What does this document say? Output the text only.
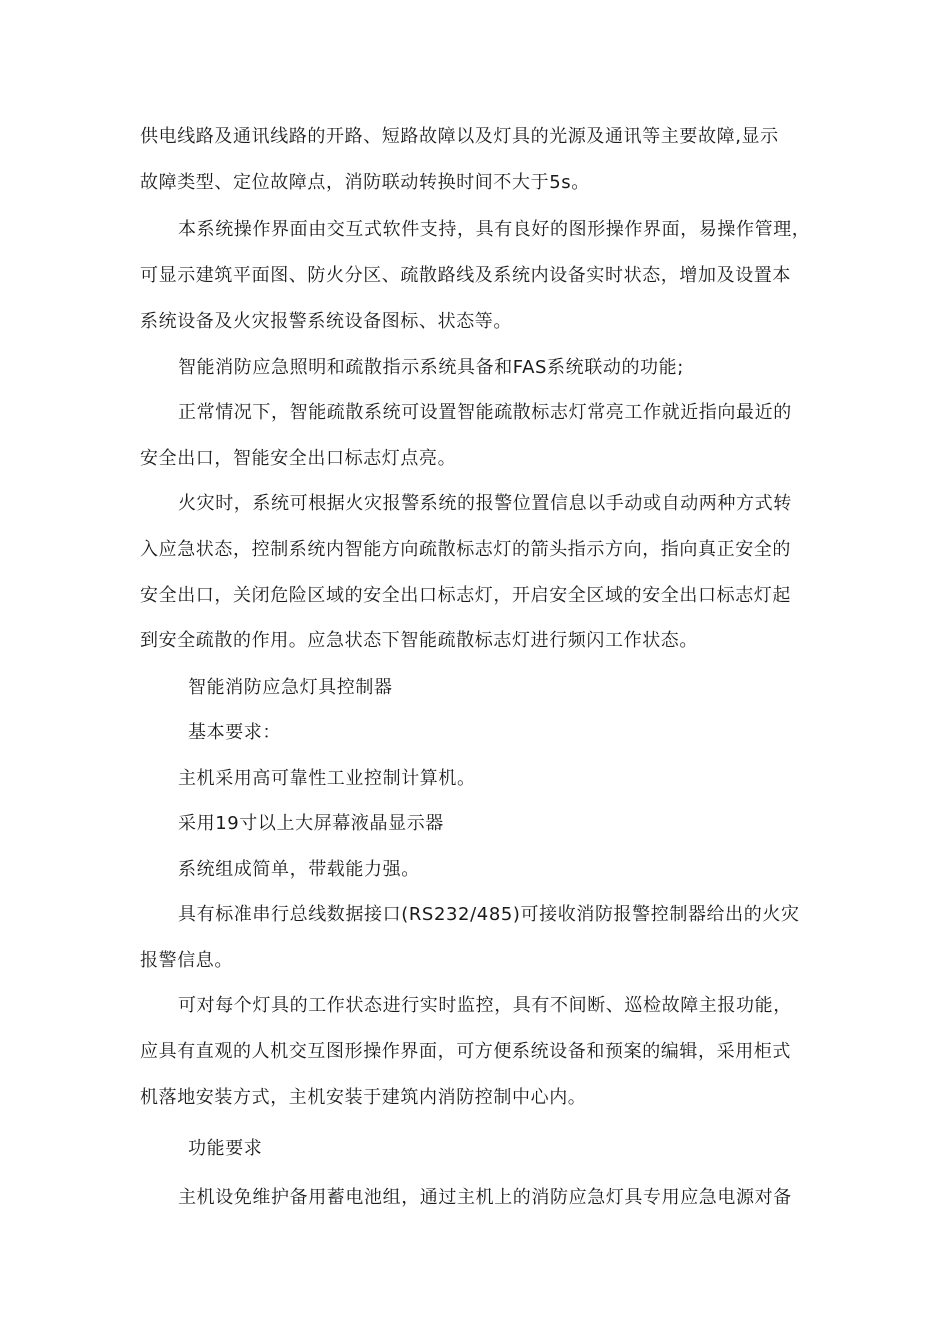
供电线路及通讯线路的开路、短路故障以及灯具的光源及通讯等主要故障,显示
故障类型、定位故障点，消防联动转换时间不大于5s。
本系统操作界面由交互式软件支持，具有良好的图形操作界面，易操作管理，
可显示建筑平面图、防火分区、疏散路线及系统内设备实时状态，增加及设置本
系统设备及火灾报警系统设备图标、状态等。
智能消防应急照明和疏散指示系统具备和FAS系统联动的功能;
正常情况下，智能疏散系统可设置智能疏散标志灯常亮工作就近指向最近的
安全出口，智能安全出口标志灯点亮。
火灾时，系统可根据火灾报警系统的报警位置信息以手动或自动两种方式转
入应急状态，控制系统内智能方向疏散标志灯的箭头指示方向，指向真正安全的
安全出口，关闭危险区域的安全出口标志灯，开启安全区域的安全出口标志灯起
到安全疏散的作用。应急状态下智能疏散标志灯进行频闪工作状态。
智能消防应急灯具控制器
基本要求：
主机采用高可靠性工业控制计算机。
采用19寸以上大屏幕液晶显示器
系统组成简单，带载能力强。
具有标准串行总线数据接口(RS232/485)可接收消防报警控制器给出的火灾
报警信息。
可对每个灯具的工作状态进行实时监控，具有不间断、巡检故障主报功能，
应具有直观的人机交互图形操作界面，可方便系统设备和预案的编辑，采用柜式
机落地安装方式，主机安装于建筑内消防控制中心内。
功能要求
主机设免维护备用蓄电池组，通过主机上的消防应急灯具专用应急电源对备
